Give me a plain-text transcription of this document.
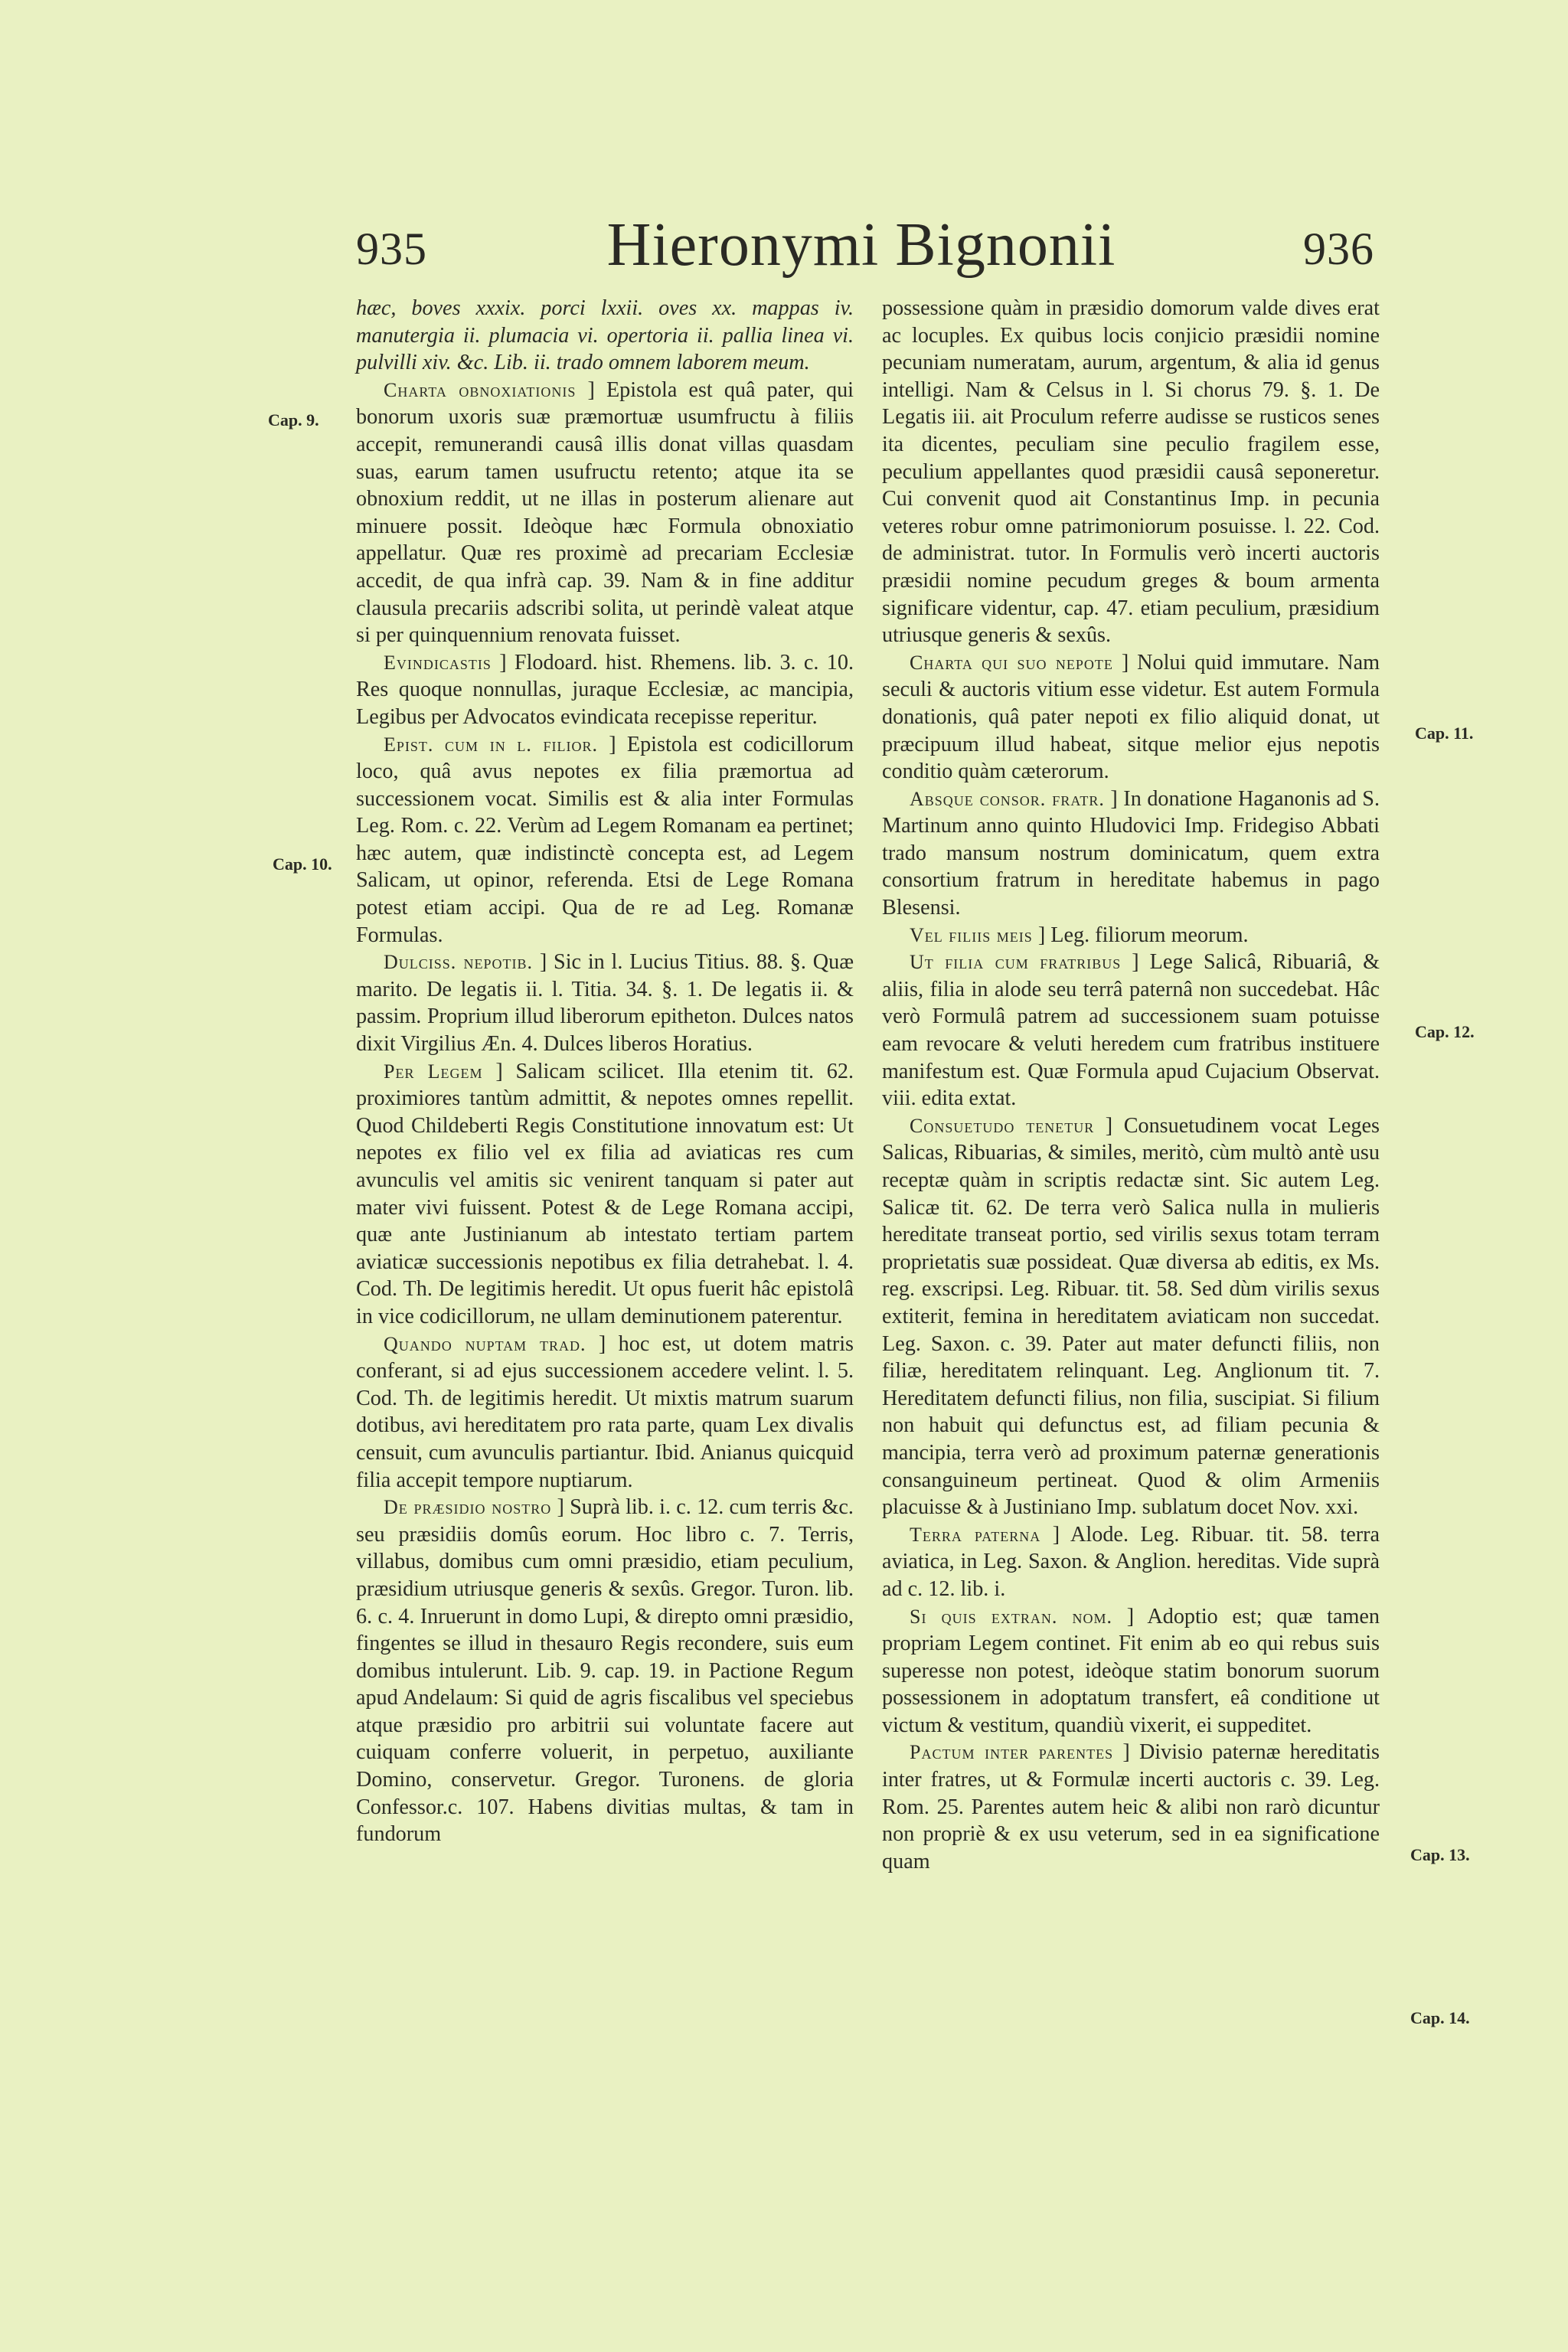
935	Hieronymi Bignonii	936
Cap. 9.
Cap. 10.
Cap. 11.
Cap. 12.
Cap. 13.
Cap. 14.

hæc, boves xxxix. porci lxxii. oves xx. mappas iv. manutergia ii. plumacia vi. opertoria ii. pallia linea vi. pulvilli xiv. &c. Lib. ii. trado omnem laborem meum.

Charta obnoxiationis ] Epistola est quâ pater, qui bonorum uxoris suæ præmortuæ usumfructu à filiis accepit, remunerandi causâ illis donat villas quasdam suas, earum tamen usufructu retento; atque ita se obnoxium reddit, ut ne illas in posterum alienare aut minuere possit. Ideòque hæc Formula obnoxiatio appellatur. Quæ res proximè ad precariam Ecclesiæ accedit, de qua infrà cap. 39. Nam & in fine additur clausula precariis adscribi solita, ut perindè valeat atque si per quinquennium renovata fuisset.

Evindicastis ] Flodoard. hist. Rhemens. lib. 3. c. 10. Res quoque nonnullas, juraque Ecclesiæ, ac mancipia, Legibus per Advocatos evindicata recepisse reperitur.

Epist. cum in l. filior. ] Epistola est codicillorum loco, quâ avus nepotes ex filia præmortua ad successionem vocat. Similis est & alia inter Formulas Leg. Rom. c. 22. Verùm ad Legem Romanam ea pertinet; hæc autem, quæ indistinctè concepta est, ad Legem Salicam, ut opinor, referenda. Etsi de Lege Romana potest etiam accipi. Qua de re ad Leg. Romanæ Formulas.

Dulciss. nepotib. ] Sic in l. Lucius Titius. 88. §. Quæ marito. De legatis ii. l. Titia. 34. §. 1. De legatis ii. & passim. Proprium illud liberorum epitheton. Dulces natos dixit Virgilius Æn. 4. Dulces liberos Horatius.

Per Legem ] Salicam scilicet. Illa etenim tit. 62. proximiores tantùm admittit, & nepotes omnes repellit. Quod Childeberti Regis Constitutione innovatum est: Ut nepotes ex filio vel ex filia ad aviaticas res cum avunculis vel amitis sic venirent tanquam si pater aut mater vivi fuissent. Potest & de Lege Romana accipi, quæ ante Justinianum ab intestato tertiam partem aviaticæ successionis nepotibus ex filia detrahebat. l. 4. Cod. Th. De legitimis heredit. Ut opus fuerit hâc epistolâ in vice codicillorum, ne ullam deminutionem paterentur.

Quando nuptam trad. ] hoc est, ut dotem matris conferant, si ad ejus successionem accedere velint. l. 5. Cod. Th. de legitimis heredit. Ut mixtis matrum suarum dotibus, avi hereditatem pro rata parte, quam Lex divalis censuit, cum avunculis partiantur. Ibid. Anianus quicquid filia accepit tempore nuptiarum.

De præsidio nostro ] Suprà lib. i. c. 12. cum terris &c. seu præsidiis domûs eorum. Hoc libro c. 7. Terris, villabus, domibus cum omni præsidio, etiam peculium, præsidium utriusque generis & sexûs. Gregor. Turon. lib. 6. c. 4. Inruerunt in domo Lupi, & direpto omni præsidio, fingentes se illud in thesauro Regis recondere, suis eum domibus intulerunt. Lib. 9. cap. 19. in Pactione Regum apud Andelaum: Si quid de agris fiscalibus vel speciebus atque præsidio pro arbitrii sui voluntate facere aut cuiquam conferre voluerit, in perpetuo, auxiliante Domino, conservetur. Gregor. Turonens. de gloria Confessor.c. 107. Habens divitias multas, & tam in fundorum

possessione quàm in præsidio domorum valde dives erat ac locuples. Ex quibus locis conjicio præsidii nomine pecuniam numeratam, aurum, argentum, & alia id genus intelligi. Nam & Celsus in l. Si chorus 79. §. 1. De Legatis iii. ait Proculum referre audisse se rusticos senes ita dicentes, peculiam sine peculio fragilem esse, peculium appellantes quod præsidii causâ seponeretur. Cui convenit quod ait Constantinus Imp. in pecunia veteres robur omne patrimoniorum posuisse. l. 22. Cod. de administrat. tutor. In Formulis verò incerti auctoris præsidii nomine pecudum greges & boum armenta significare videntur, cap. 47. etiam peculium, præsidium utriusque generis & sexûs.

Charta qui suo nepote ] Nolui quid immutare. Nam seculi & auctoris vitium esse videtur. Est autem Formula donationis, quâ pater nepoti ex filio aliquid donat, ut præcipuum illud habeat, sitque melior ejus nepotis conditio quàm cæterorum.

Absque consor. fratr. ] In donatione Haganonis ad S. Martinum anno quinto Hludovici Imp. Fridegiso Abbati trado mansum nostrum dominicatum, quem extra consortium fratrum in hereditate habemus in pago Blesensi.

Vel filiis meis ] Leg. filiorum meorum.

Ut filia cum fratribus ] Lege Salicâ, Ribuariâ, & aliis, filia in alode seu terrâ paternâ non succedebat. Hâc verò Formulâ patrem ad successionem suam potuisse eam revocare & veluti heredem cum fratribus instituere manifestum est. Quæ Formula apud Cujacium Observat. viii. edita extat.

Consuetudo tenetur ] Consuetudinem vocat Leges Salicas, Ribuarias, & similes, meritò, cùm multò antè usu receptæ quàm in scriptis redactæ sint. Sic autem Leg. Salicæ tit. 62. De terra verò Salica nulla in mulieris hereditate transeat portio, sed virilis sexus totam terram proprietatis suæ possideat. Quæ diversa ab editis, ex Ms. reg. exscripsi. Leg. Ribuar. tit. 58. Sed dùm virilis sexus extiterit, femina in hereditatem aviaticam non succedat. Leg. Saxon. c. 39. Pater aut mater defuncti filiis, non filiæ, hereditatem relinquant. Leg. Anglionum tit. 7. Hereditatem defuncti filius, non filia, suscipiat. Si filium non habuit qui defunctus est, ad filiam pecunia & mancipia, terra verò ad proximum paternæ generationis consanguineum pertineat. Quod & olim Armeniis placuisse & à Justiniano Imp. sublatum docet Nov. xxi.

Terra paterna ] Alode. Leg. Ribuar. tit. 58. terra aviatica, in Leg. Saxon. & Anglion. hereditas. Vide suprà ad c. 12. lib. i.

Si quis extran. nom. ] Adoptio est; quæ tamen propriam Legem continet. Fit enim ab eo qui rebus suis superesse non potest, ideòque statim bonorum suorum possessionem in adoptatum transfert, eâ conditione ut victum & vestitum, quandiù vixerit, ei suppeditet.

Pactum inter parentes ] Divisio paternæ hereditatis inter fratres, ut & Formulæ incerti auctoris c. 39. Leg. Rom. 25. Parentes autem heic & alibi non rarò dicuntur non propriè & ex usu veterum, sed in ea significatione quam
